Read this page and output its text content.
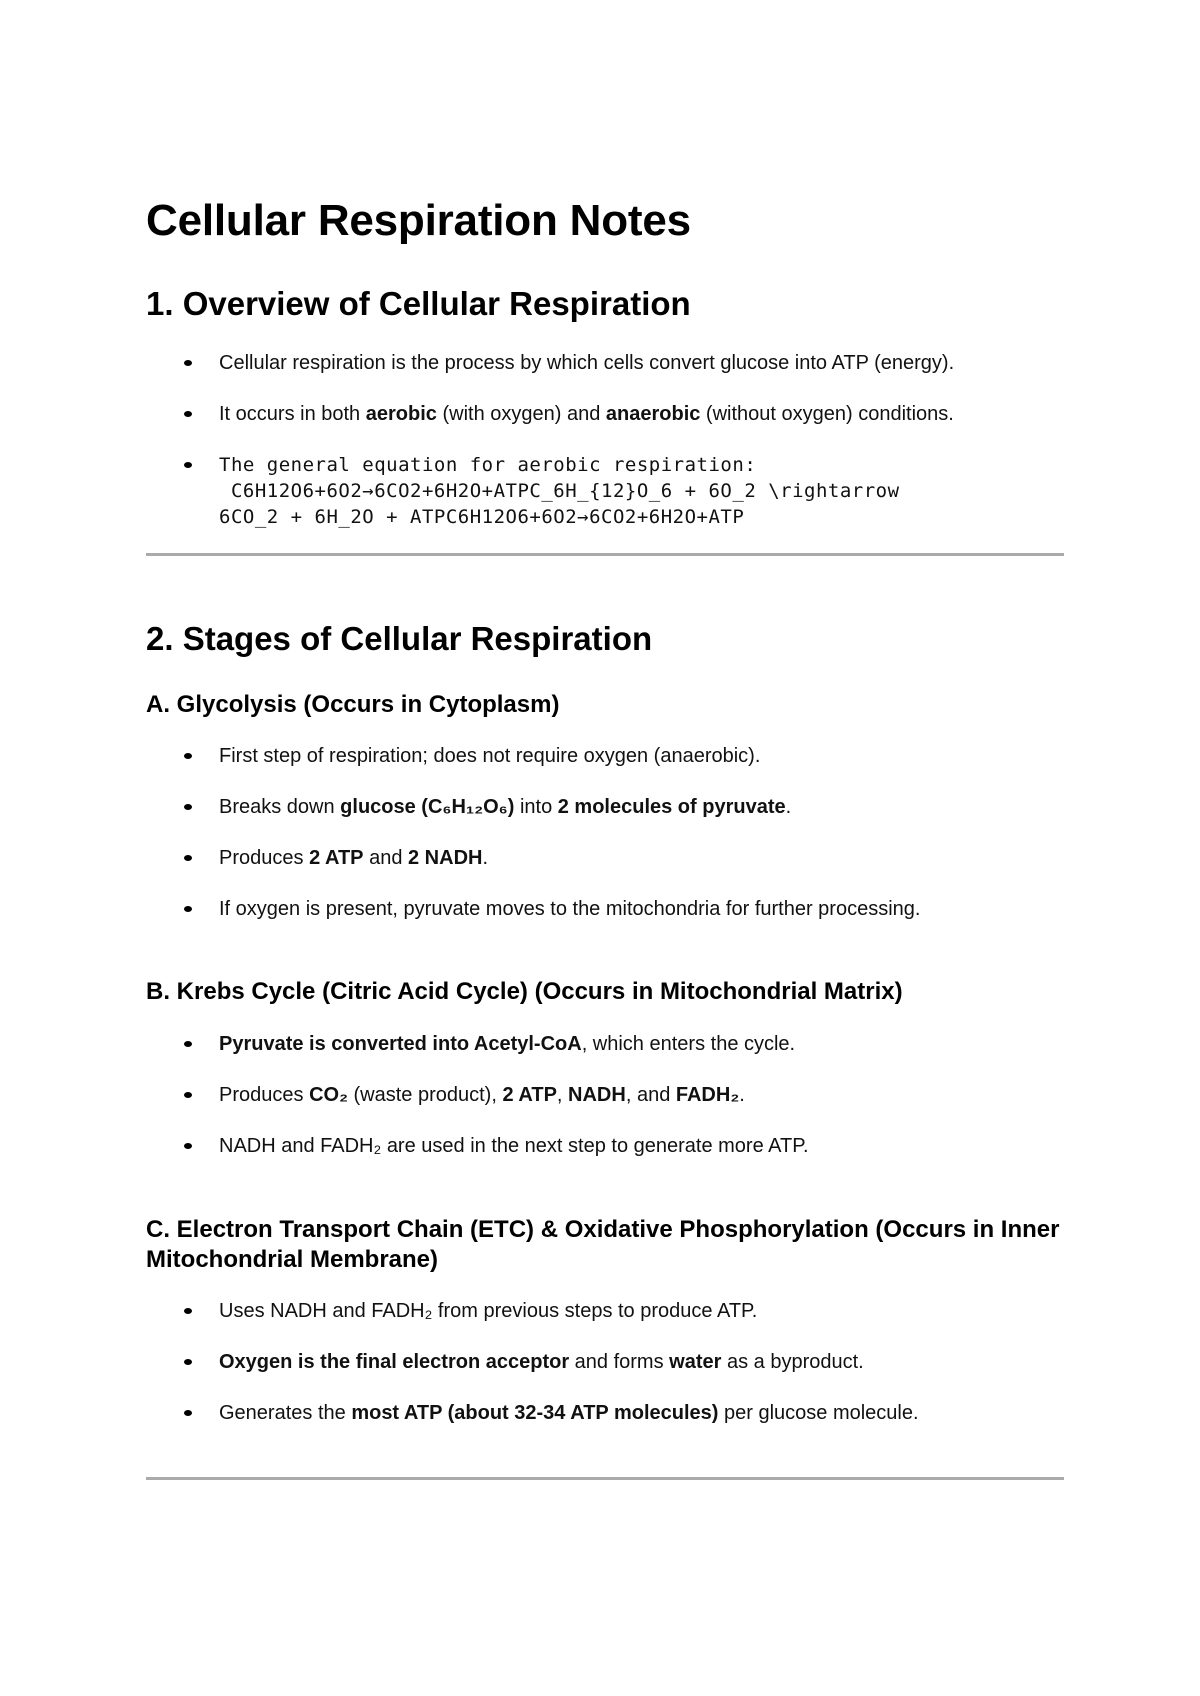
Cellular Respiration Notes
1. Overview of Cellular Respiration
Cellular respiration is the process by which cells convert glucose into ATP (energy).
It occurs in both aerobic (with oxygen) and anaerobic (without oxygen) conditions.
The general equation for aerobic respiration:
C6H12O6+6O2→6CO2+6H2O+ATPC_6H_{12}O_6 + 6O_2 \rightarrow
6CO_2 + 6H_2O + ATPC6H12O6+6O2→6CO2+6H2O+ATP
2. Stages of Cellular Respiration
A. Glycolysis (Occurs in Cytoplasm)
First step of respiration; does not require oxygen (anaerobic).
Breaks down glucose (C₆H₁₂O₆) into 2 molecules of pyruvate.
Produces 2 ATP and 2 NADH.
If oxygen is present, pyruvate moves to the mitochondria for further processing.
B. Krebs Cycle (Citric Acid Cycle) (Occurs in Mitochondrial Matrix)
Pyruvate is converted into Acetyl-CoA, which enters the cycle.
Produces CO₂ (waste product), 2 ATP, NADH, and FADH₂.
NADH and FADH₂ are used in the next step to generate more ATP.
C. Electron Transport Chain (ETC) & Oxidative Phosphorylation (Occurs in Inner Mitochondrial Membrane)
Uses NADH and FADH₂ from previous steps to produce ATP.
Oxygen is the final electron acceptor and forms water as a byproduct.
Generates the most ATP (about 32-34 ATP molecules) per glucose molecule.
